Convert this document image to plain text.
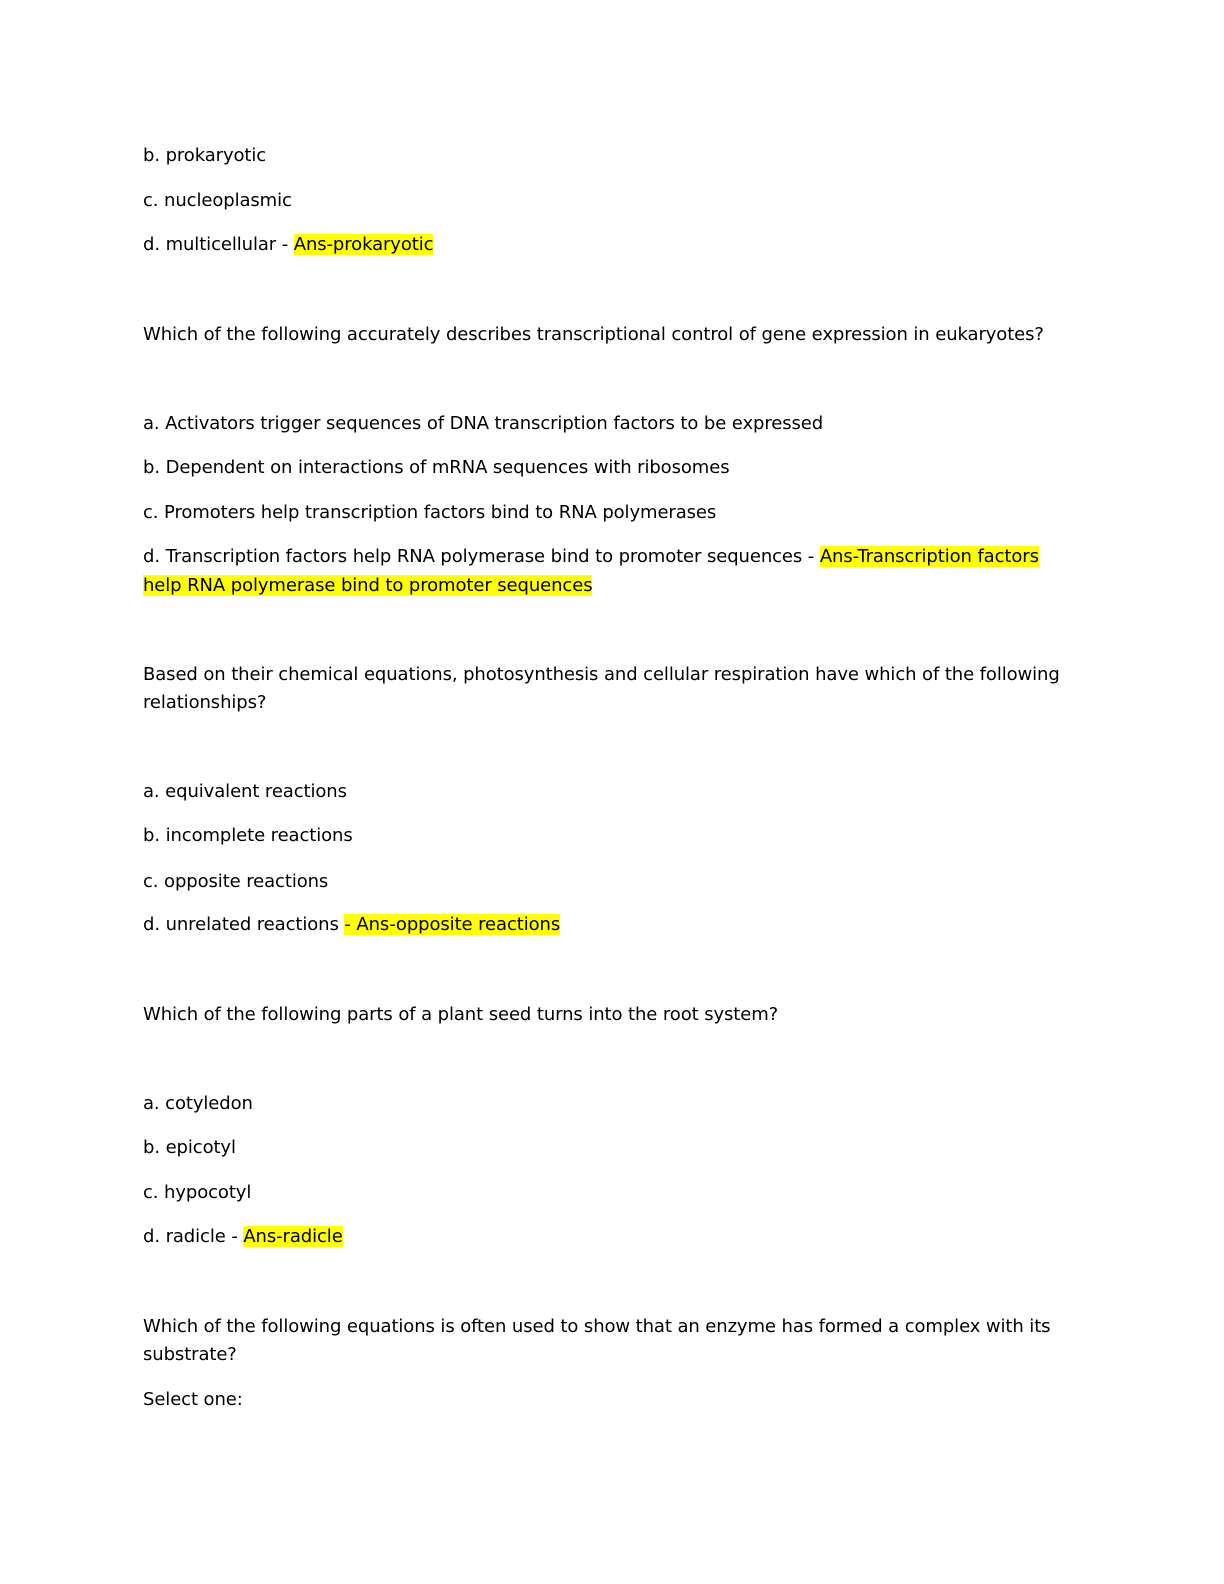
b. prokaryotic
c. nucleoplasmic
d. multicellular - Ans-prokaryotic
Which of the following accurately describes transcriptional control of gene expression in eukaryotes?
a. Activators trigger sequences of DNA transcription factors to be expressed
b. Dependent on interactions of mRNA sequences with ribosomes
c. Promoters help transcription factors bind to RNA polymerases
d. Transcription factors help RNA polymerase bind to promoter sequences - Ans-Transcription factors
help RNA polymerase bind to promoter sequences
Based on their chemical equations, photosynthesis and cellular respiration have which of the following
relationships?
a. equivalent reactions
b. incomplete reactions
c. opposite reactions
d. unrelated reactions - Ans-opposite reactions
Which of the following parts of a plant seed turns into the root system?
a. cotyledon
b. epicotyl
c. hypocotyl
d. radicle - Ans-radicle
Which of the following equations is often used to show that an enzyme has formed a complex with its
substrate?
Select one:
